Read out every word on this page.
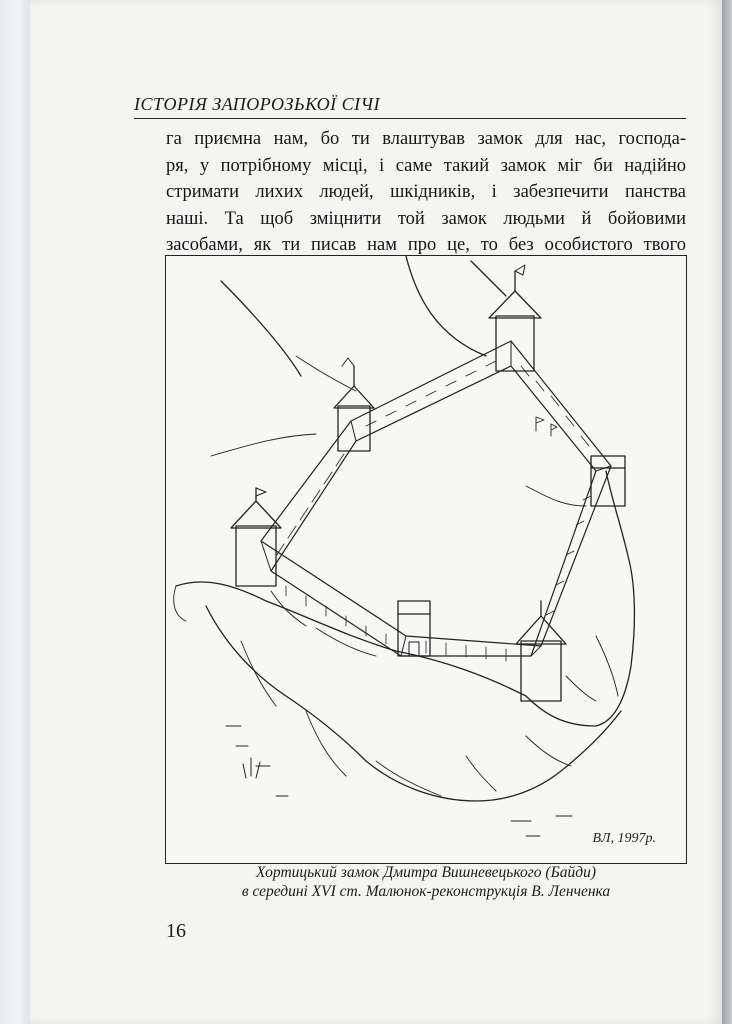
ІСТОРІЯ ЗАПОРОЗЬКОЇ СІЧІ

га приємна нам, бо ти влаштував замок для нас, господа-
ря, у потрібному місці, і саме такий замок міг би надійно
стримати лихих людей, шкідників, і забезпечити панства
наші. Та щоб зміцнити той замок людьми й бойовими
засобами, як ти писав нам про це, то без особистого твого

ВЛ, 1997р.

Хортицький замок Дмитра Вишневецького (Байди)
в середині XVI ст. Малюнок-реконструкція В. Ленченка

16
